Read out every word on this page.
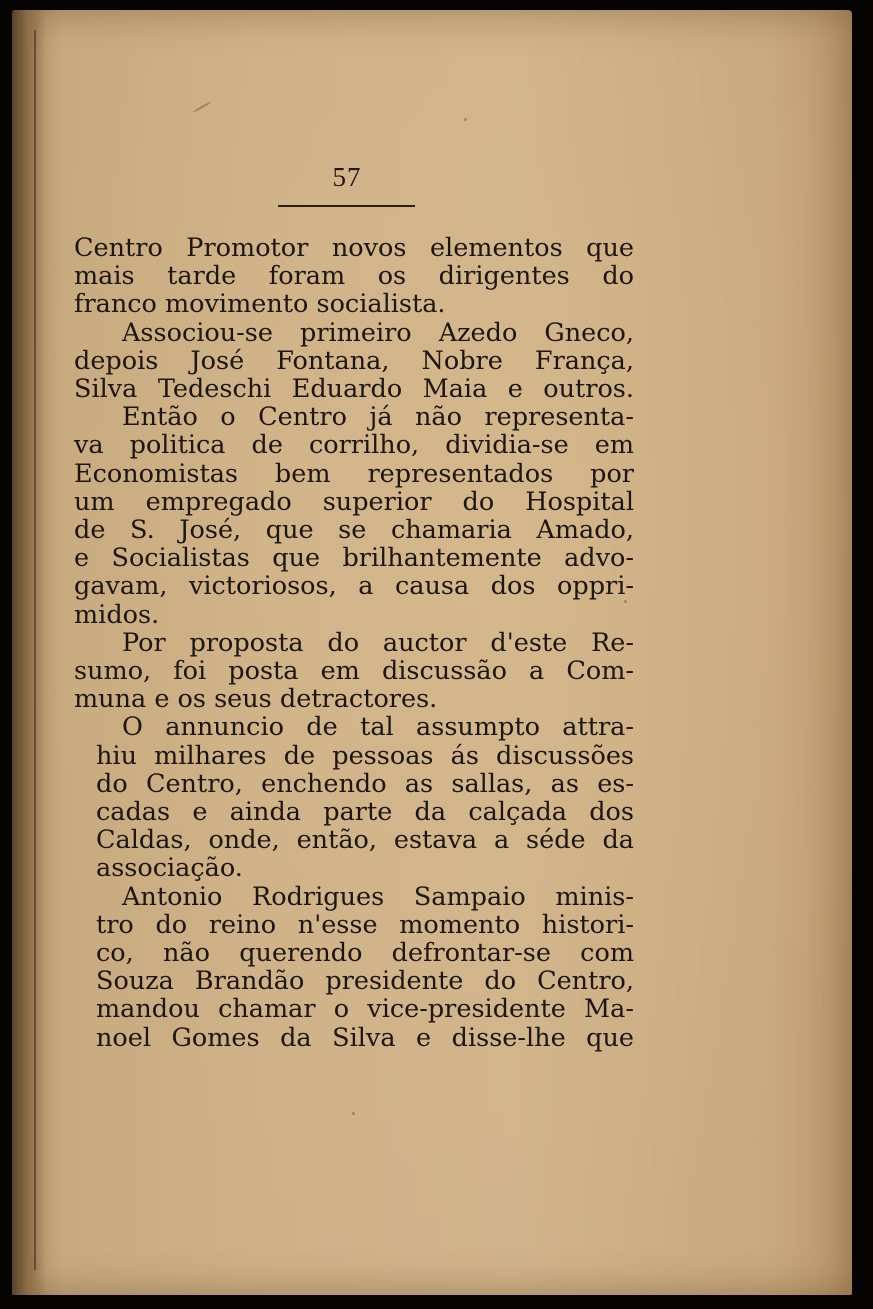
57
Centro Promotor novos elementos que
mais tarde foram os dirigentes do
franco movimento socialista.
Associou-se primeiro Azedo Gneco,
depois José Fontana, Nobre França,
Silva Tedeschi Eduardo Maia e outros.
Então o Centro já não representa-
va politica de corrilho, dividia-se em
Economistas bem representados por
um empregado superior do Hospital
de S. José, que se chamaria Amado,
e Socialistas que brilhantemente advo-
gavam, victoriosos, a causa dos oppri-
midos.
Por proposta do auctor d'este Re-
sumo, foi posta em discussão a Com-
muna e os seus detractores.
O annuncio de tal assumpto attra-
hiu milhares de pessoas ás discussões
do Centro, enchendo as sallas, as es-
cadas e ainda parte da calçada dos
Caldas, onde, então, estava a séde da
associação.
Antonio Rodrigues Sampaio minis-
tro do reino n'esse momento histori-
co, não querendo defrontar-se com
Souza Brandão presidente do Centro,
mandou chamar o vice-presidente Ma-
noel Gomes da Silva e disse-lhe que
